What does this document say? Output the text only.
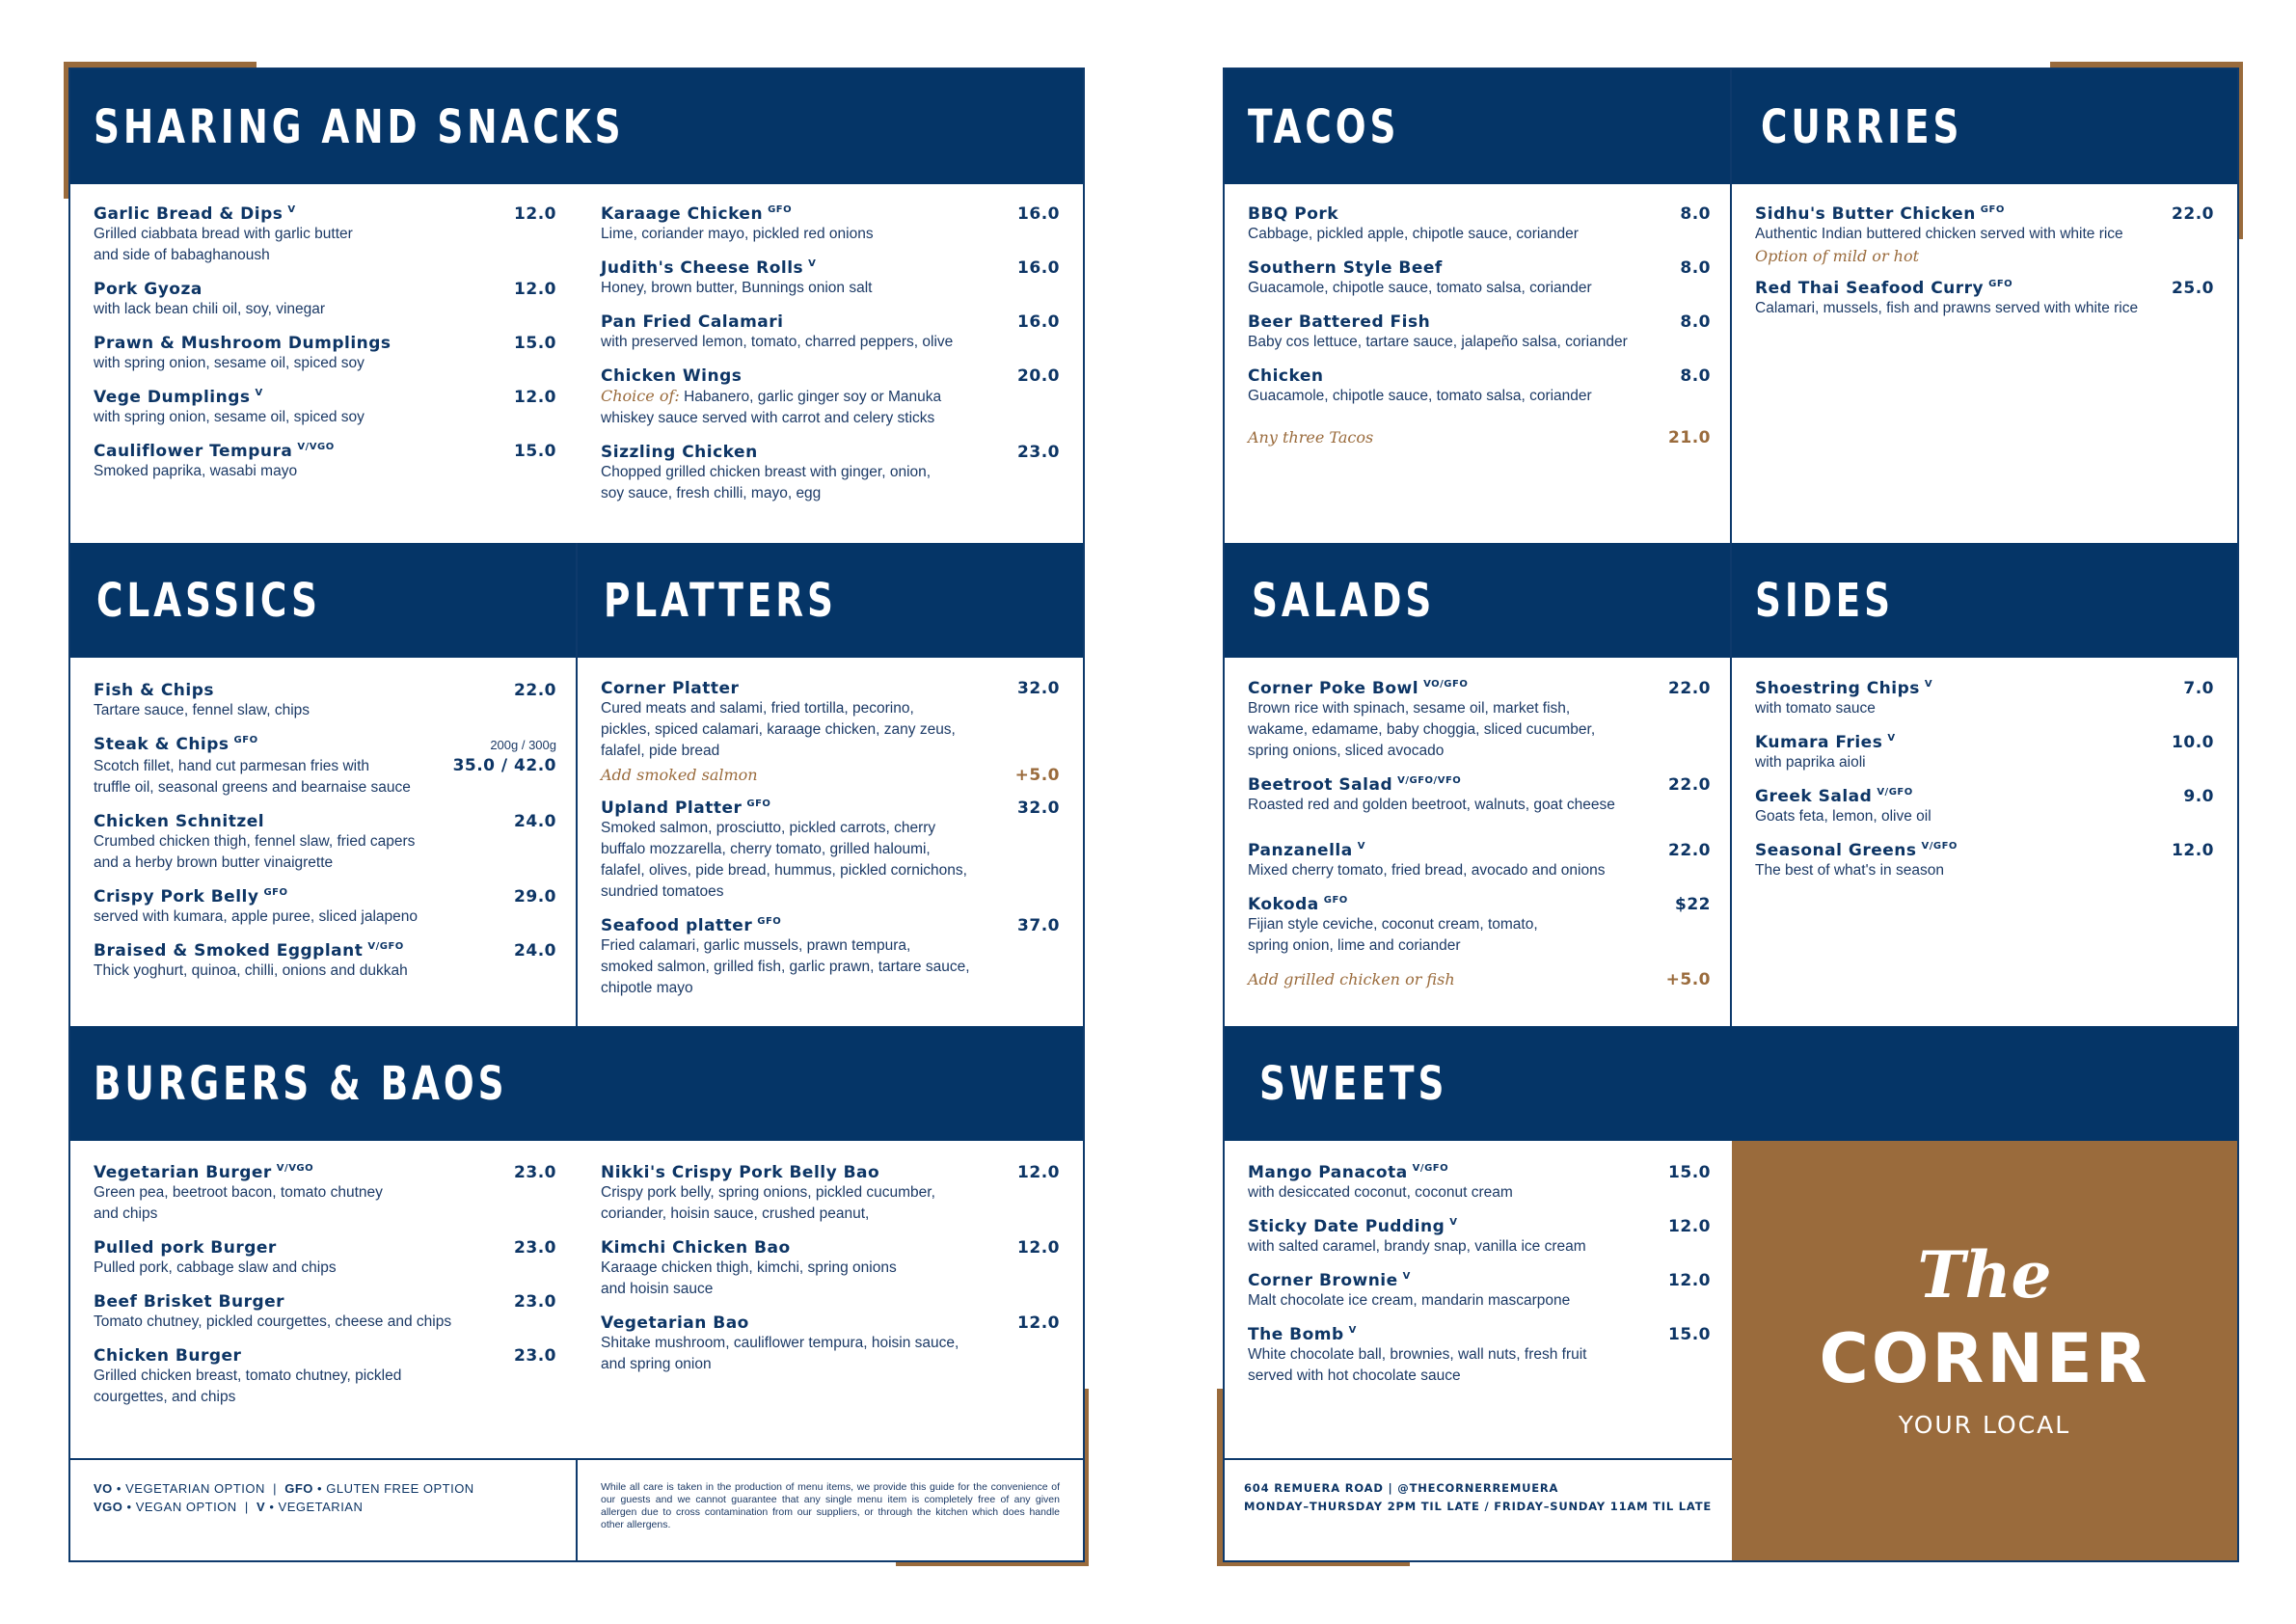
SHARING AND SNACKS
Garlic Bread & Dips $^V$	12.0
Grilled ciabbata bread with garlic butter
and side of babaghanoush
Pork Gyoza	12.0
with lack bean chili oil, soy, vinegar
Prawn & Mushroom Dumplings	15.0
with spring onion, sesame oil, spiced soy
Vege Dumplings $^V$	12.0
with spring onion, sesame oil, spiced soy
Cauliflower Tempura $^{V/VGO}$	15.0
Smoked paprika, wasabi mayo
Karaage Chicken $^{GFO}$	16.0
Lime, coriander mayo, pickled red onions
Judith's Cheese Rolls $^V$	16.0
Honey, brown butter, Bunnings onion salt
Pan Fried Calamari	16.0
with preserved lemon, tomato, charred peppers, olive
Chicken Wings	20.0
Choice of: Habanero, garlic ginger soy or Manuka
whiskey sauce served with carrot and celery sticks
Sizzling Chicken	23.0
Chopped grilled chicken breast with ginger, onion,
soy sauce, fresh chilli, mayo, egg
CLASSICS	PLATTERS
Fish & Chips	22.0
Tartare sauce, fennel slaw, chips
Steak & Chips $^{GFO}$	200g / 300g
Scotch fillet, hand cut parmesan fries with	35.0 / 42.0
truffle oil, seasonal greens and bearnaise sauce
Chicken Schnitzel	24.0
Crumbed chicken thigh, fennel slaw, fried capers
and a herby brown butter vinaigrette
Crispy Pork Belly $^{GFO}$	29.0
served with kumara, apple puree, sliced jalapeno
Braised & Smoked Eggplant $^{V/GFO}$	24.0
Thick yoghurt, quinoa, chilli, onions and dukkah
Corner Platter	32.0
Cured meats and salami, fried tortilla, pecorino,
pickles, spiced calamari, karaage chicken, zany zeus,
falafel, pide bread
Add smoked salmon	+5.0
Upland Platter $^{GFO}$	32.0
Smoked salmon, prosciutto, pickled carrots, cherry
buffalo mozzarella, cherry tomato, grilled haloumi,
falafel, olives, pide bread, hummus, pickled cornichons,
sundried tomatoes
Seafood platter $^{GFO}$	37.0
Fried calamari, garlic mussels, prawn tempura,
smoked salmon, grilled fish, garlic prawn, tartare sauce,
chipotle mayo
BURGERS & BAOS
Vegetarian Burger $^{V/VGO}$	23.0
Green pea, beetroot bacon, tomato chutney
and chips
Pulled pork Burger	23.0
Pulled pork, cabbage slaw and chips
Beef Brisket Burger	23.0
Tomato chutney, pickled courgettes, cheese and chips
Chicken Burger	23.0
Grilled chicken breast, tomato chutney, pickled
courgettes, and chips
Nikki's Crispy Pork Belly Bao	12.0
Crispy pork belly, spring onions, pickled cucumber,
coriander, hoisin sauce, crushed peanut,
Kimchi Chicken Bao	12.0
Karaage chicken thigh, kimchi, spring onions
and hoisin sauce
Vegetarian Bao	12.0
Shitake mushroom, cauliflower tempura, hoisin sauce,
and spring onion
VO • VEGETARIAN OPTION | GFO • GLUTEN FREE OPTION
VGO • VEGAN OPTION | V • VEGETARIAN
While all care is taken in the production of menu items, we provide this guide for the convenience of our guests and we cannot guarantee that any single menu item is completely free of any given allergen due to cross contamination from our suppliers, or through the kitchen which does handle other allergens.
TACOS	CURRIES
BBQ Pork	8.0
Cabbage, pickled apple, chipotle sauce, coriander
Southern Style Beef	8.0
Guacamole, chipotle sauce, tomato salsa, coriander
Beer Battered Fish	8.0
Baby cos lettuce, tartare sauce, jalapeño salsa, coriander
Chicken	8.0
Guacamole, chipotle sauce, tomato salsa, coriander
Any three Tacos	21.0
Sidhu's Butter Chicken $^{GFO}$	22.0
Authentic Indian buttered chicken served with white rice
Option of mild or hot
Red Thai Seafood Curry $^{GFO}$	25.0
Calamari, mussels, fish and prawns served with white rice
SALADS	SIDES
Corner Poke Bowl $^{VO/GFO}$	22.0
Brown rice with spinach, sesame oil, market fish,
wakame, edamame, baby choggia, sliced cucumber,
spring onions, sliced avocado
Beetroot Salad $^{V/GFO/VFO}$	22.0
Roasted red and golden beetroot, walnuts, goat cheese
Panzanella $^V$	22.0
Mixed cherry tomato, fried bread, avocado and onions
Kokoda $^{GFO}$	$22
Fijian style ceviche, coconut cream, tomato,
spring onion, lime and coriander
Add grilled chicken or fish	+5.0
Shoestring Chips $^V$	7.0
with tomato sauce
Kumara Fries $^V$	10.0
with paprika aioli
Greek Salad $^{V/GFO}$	9.0
Goats feta, lemon, olive oil
Seasonal Greens $^{V/GFO}$	12.0
The best of what's in season
SWEETS
Mango Panacota $^{V/GFO}$	15.0
with desiccated coconut, coconut cream
Sticky Date Pudding $^V$	12.0
with salted caramel, brandy snap, vanilla ice cream
Corner Brownie $^V$	12.0
Malt chocolate ice cream, mandarin mascarpone
The Bomb $^V$	15.0
White chocolate ball, brownies, wall nuts, fresh fruit
served with hot chocolate sauce
604 REMUERA ROAD | @THECORNERREMUERA
MONDAY–THURSDAY 2PM TIL LATE / FRIDAY–SUNDAY 11AM TIL LATE
The
CORNER
YOUR LOCAL
